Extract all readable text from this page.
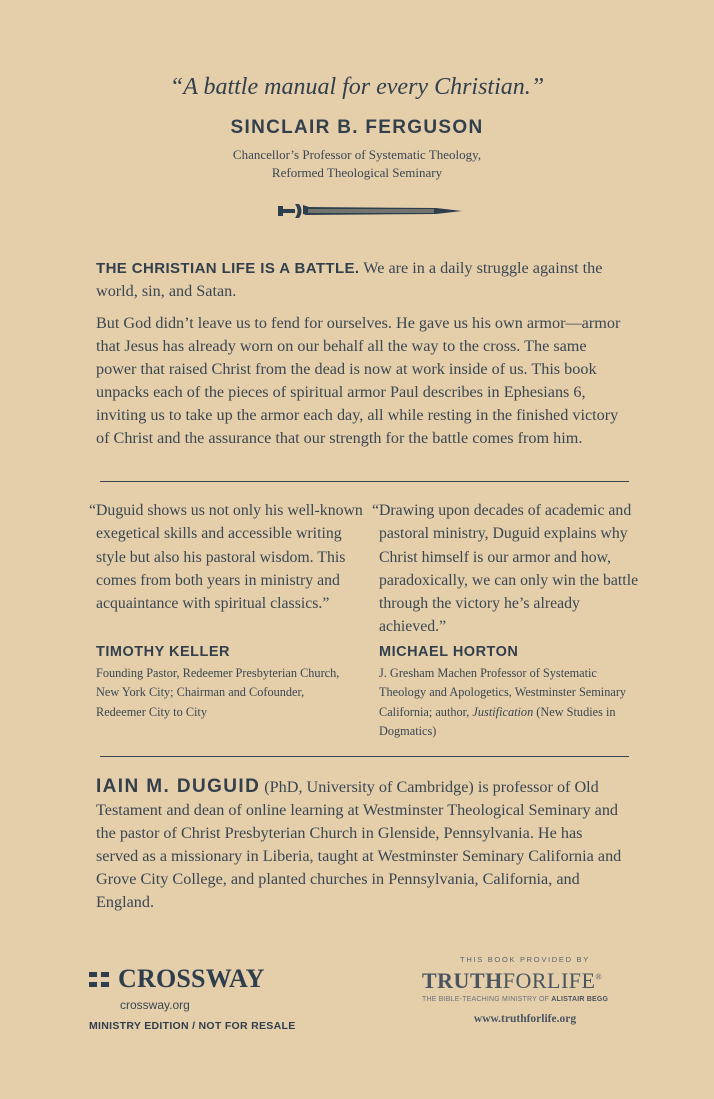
“A battle manual for every Christian.”
SINCLAIR B. FERGUSON
Chancellor’s Professor of Systematic Theology,
Reformed Theological Seminary
THE CHRISTIAN LIFE IS A BATTLE. We are in a daily struggle against the world, sin, and Satan.
But God didn’t leave us to fend for ourselves. He gave us his own armor—armor that Jesus has already worn on our behalf all the way to the cross. The same power that raised Christ from the dead is now at work inside of us. This book unpacks each of the pieces of spiritual armor Paul describes in Ephesians 6, inviting us to take up the armor each day, all while resting in the finished victory of Christ and the assurance that our strength for the battle comes from him.
“Duguid shows us not only his well-known exegetical skills and accessible writing style but also his pastoral wisdom. This comes from both years in ministry and acquaintance with spiritual classics.”
TIMOTHY KELLER
Founding Pastor, Redeemer Presbyterian Church, New York City; Chairman and Cofounder, Redeemer City to City
“Drawing upon decades of academic and pastoral ministry, Duguid explains why Christ himself is our armor and how, paradoxically, we can only win the battle through the victory he’s already achieved.”
MICHAEL HORTON
J. Gresham Machen Professor of Systematic Theology and Apologetics, Westminster Seminary California; author, Justification (New Studies in Dogmatics)
IAIN M. DUGUID (PhD, University of Cambridge) is professor of Old Testament and dean of online learning at Westminster Theological Seminary and the pastor of Christ Presbyterian Church in Glenside, Pennsylvania. He has served as a missionary in Liberia, taught at Westminster Seminary California and Grove City College, and planted churches in Pennsylvania, California, and England.
CROSSWAY
crossway.org
MINISTRY EDITION / NOT FOR RESALE
THIS BOOK PROVIDED BY
TRUTHFORLIFE®
THE BIBLE-TEACHING MINISTRY OF ALISTAIR BEGG
www.truthforlife.org
